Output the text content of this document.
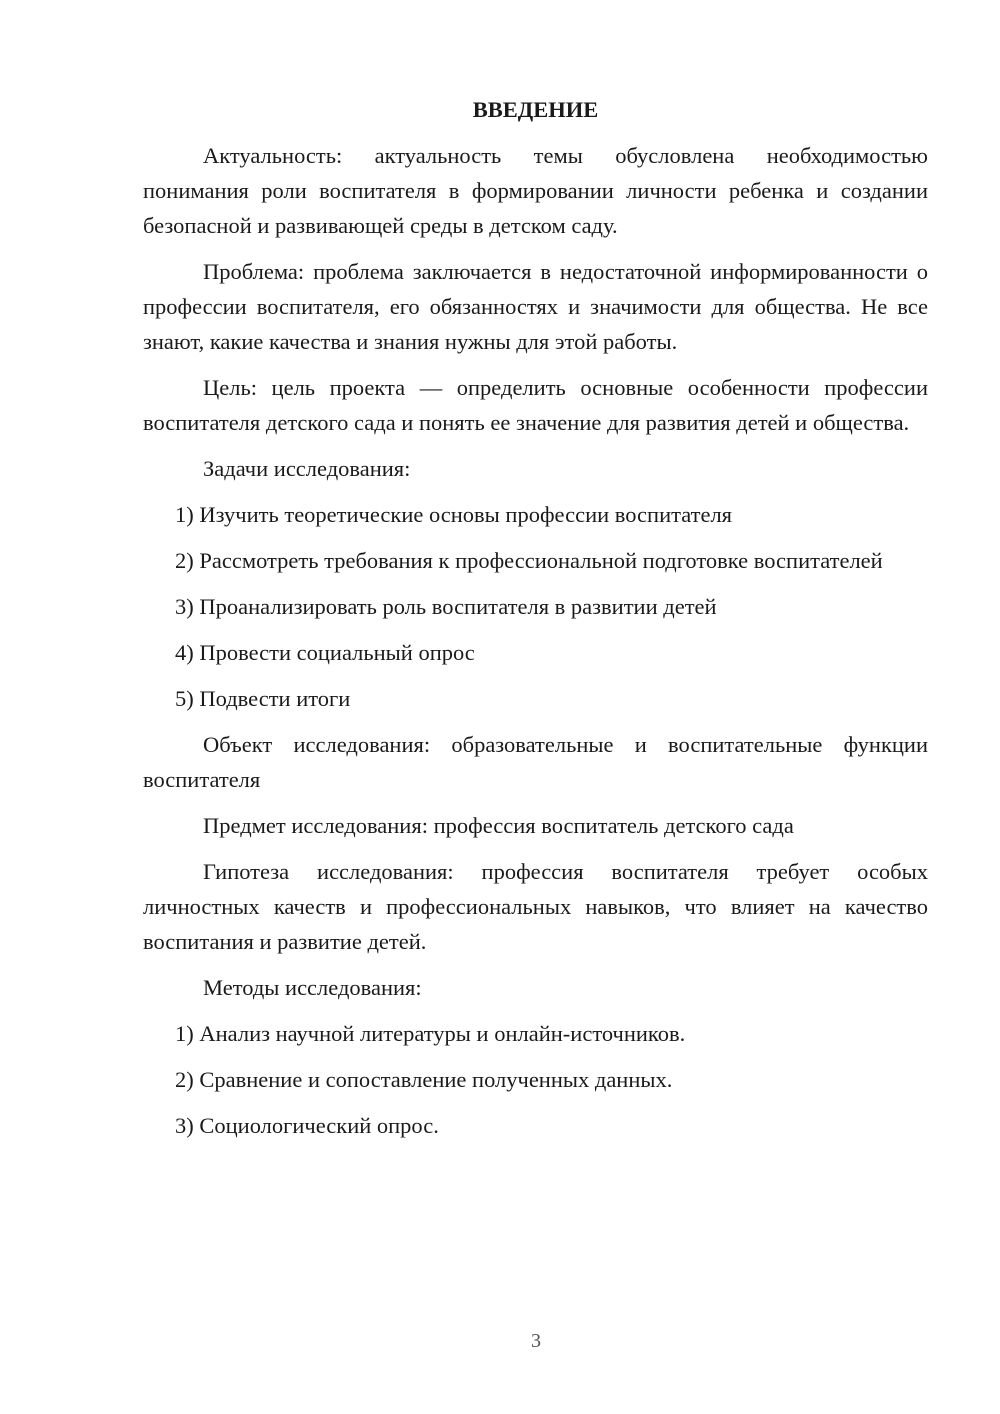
ВВЕДЕНИЕ

Актуальность: актуальность темы обусловлена необходимостью понимания роли воспитателя в формировании личности ребенка и создании безопасной и развивающей среды в детском саду.

Проблема: проблема заключается в недостаточной информированности о профессии воспитателя, его обязанностях и значимости для общества. Не все знают, какие качества и знания нужны для этой работы.

Цель: цель проекта — определить основные особенности профессии воспитателя детского сада и понять ее значение для развития детей и общества.

Задачи исследования:

1) Изучить теоретические основы профессии воспитателя

2) Рассмотреть требования к профессиональной подготовке воспитателей

3) Проанализировать роль воспитателя в развитии детей

4) Провести социальный опрос

5) Подвести итоги

Объект исследования: образовательные и воспитательные функции воспитателя

Предмет исследования: профессия воспитатель детского сада

Гипотеза исследования: профессия воспитателя требует особых личностных качеств и профессиональных навыков, что влияет на качество воспитания и развитие детей.

Методы исследования:

1) Анализ научной литературы и онлайн-источников.

2) Сравнение и сопоставление полученных данных.

3) Социологический опрос.

3
